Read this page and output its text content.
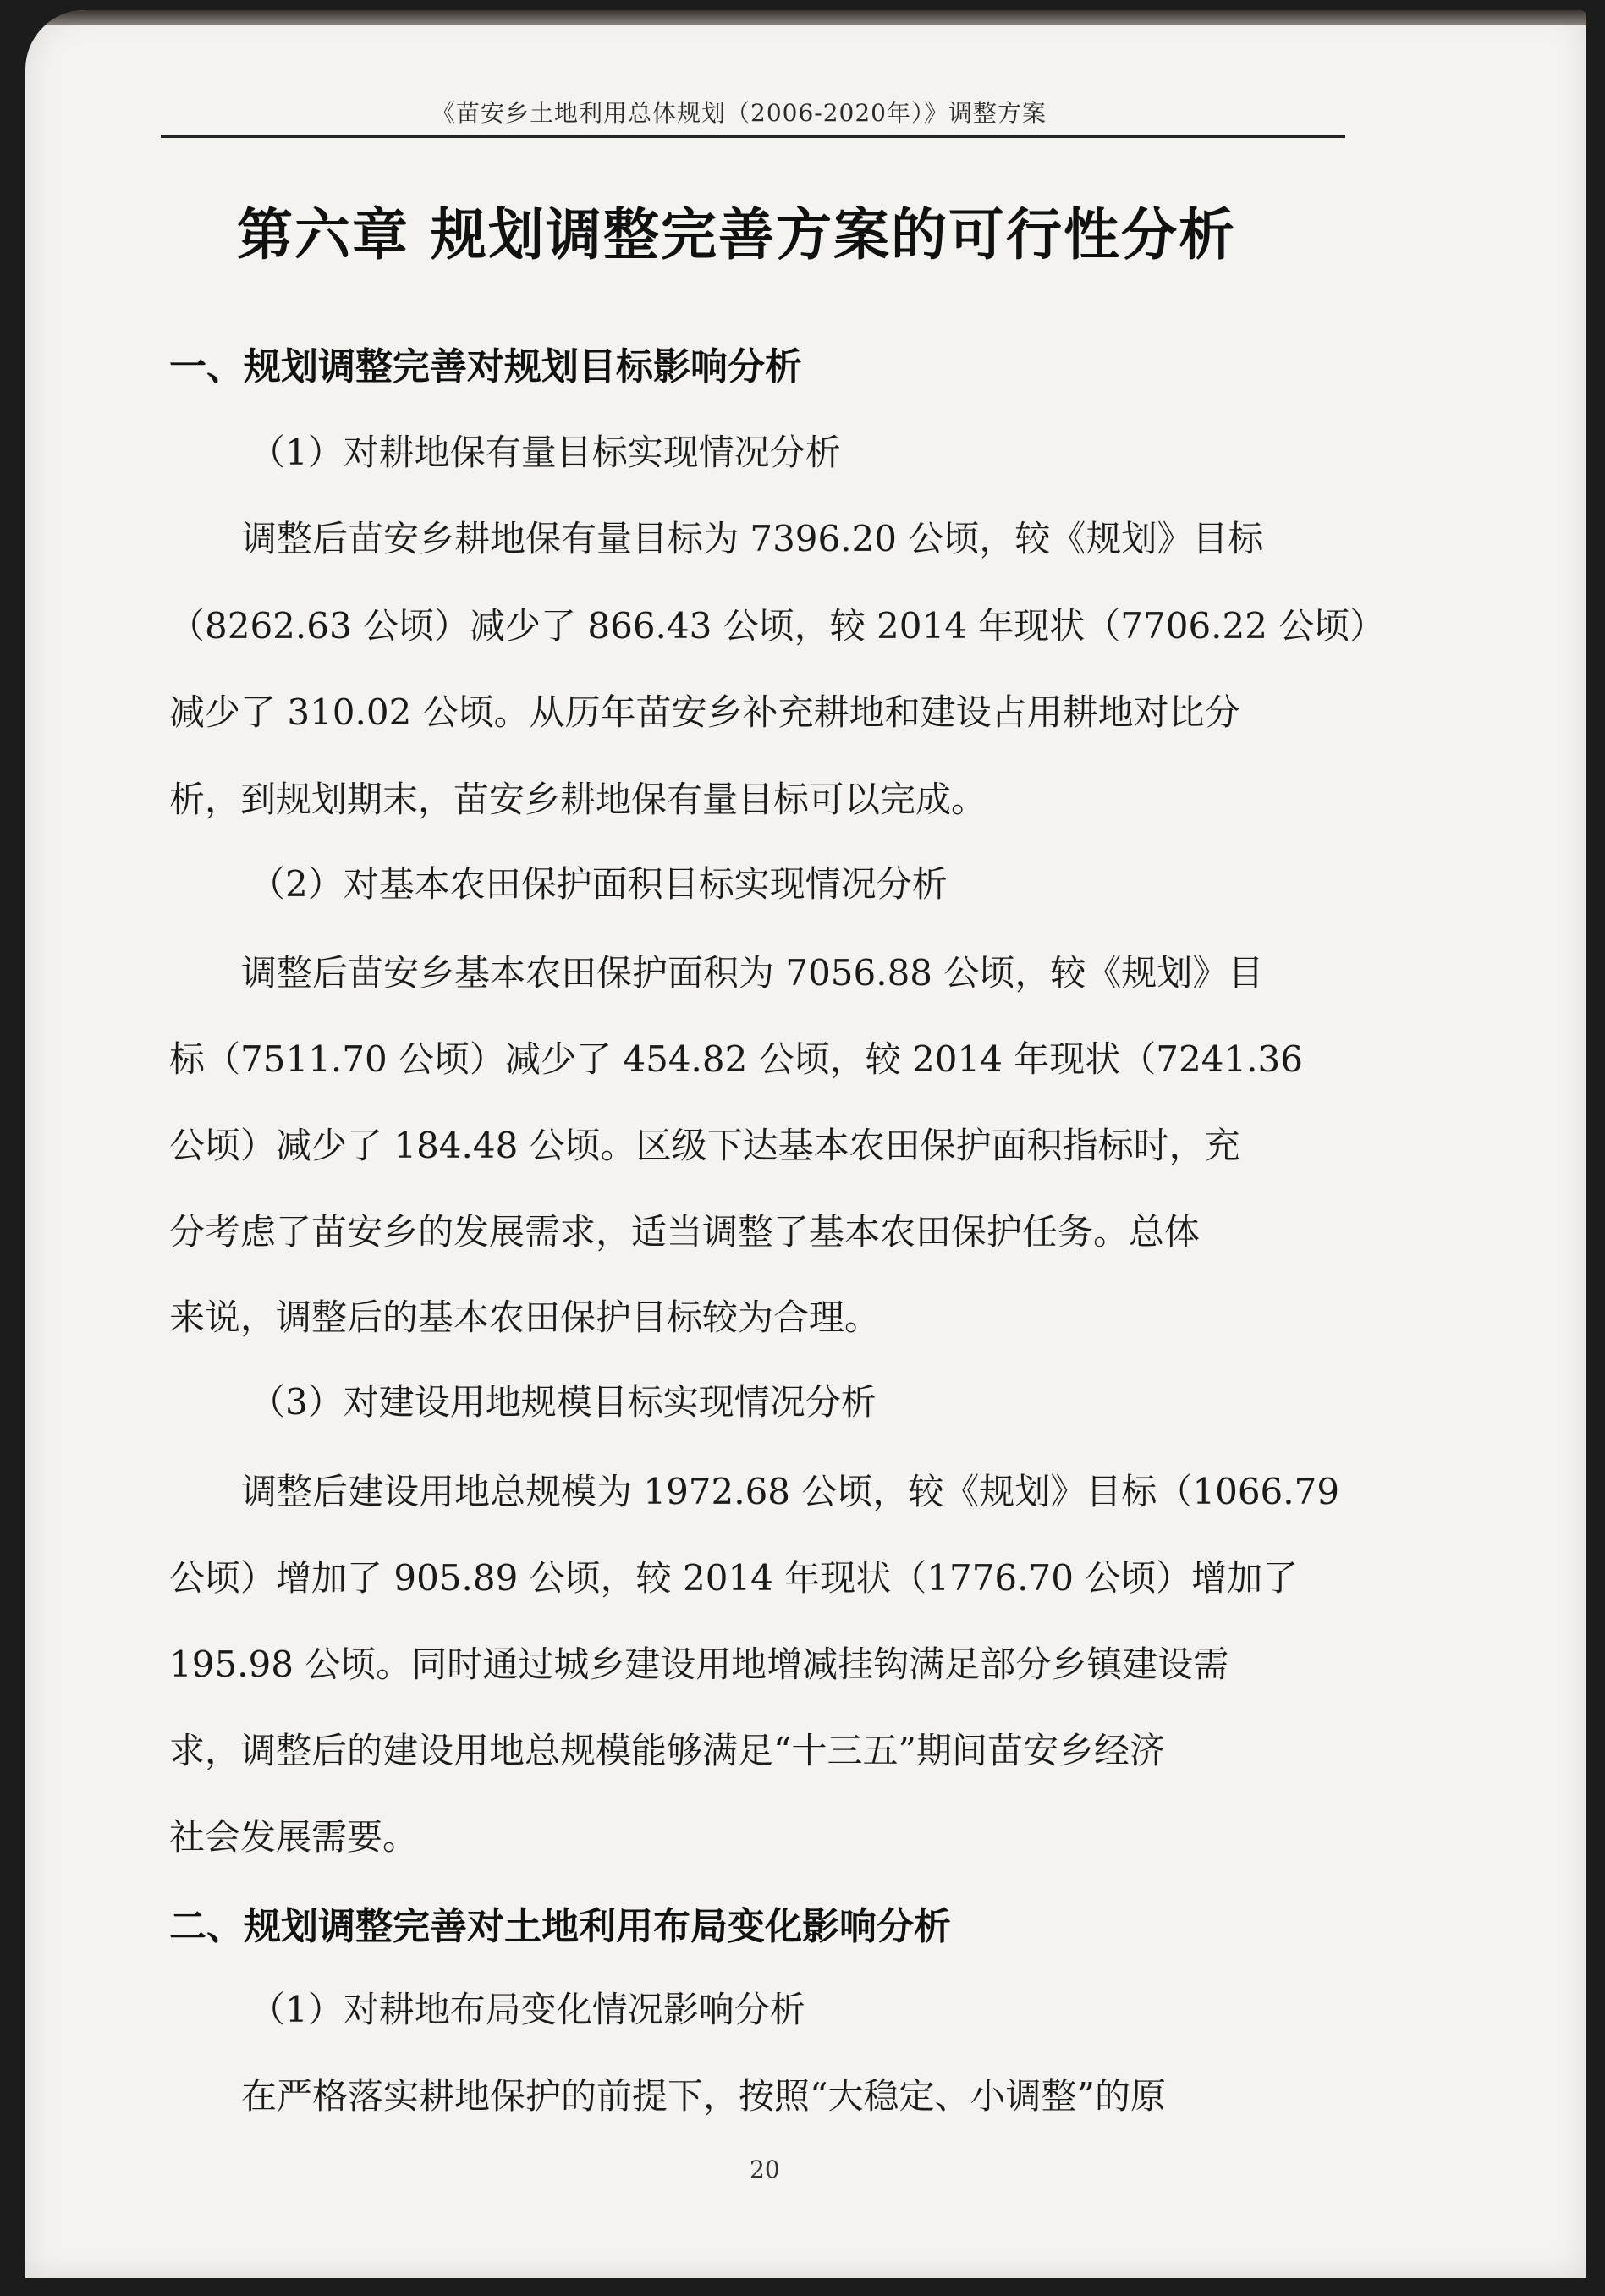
《苗安乡土地利用总体规划（2006-2020年）》调整方案
第六章 规划调整完善方案的可行性分析
一、规划调整完善对规划目标影响分析
（1）对耕地保有量目标实现情况分析
调整后苗安乡耕地保有量目标为 7396.20 公顷，较《规划》目标
（8262.63 公顷）减少了 866.43 公顷，较 2014 年现状（7706.22 公顷）
减少了 310.02 公顷。从历年苗安乡补充耕地和建设占用耕地对比分
析，到规划期末，苗安乡耕地保有量目标可以完成。
（2）对基本农田保护面积目标实现情况分析
调整后苗安乡基本农田保护面积为 7056.88 公顷，较《规划》目
标（7511.70 公顷）减少了 454.82 公顷，较 2014 年现状（7241.36
公顷）减少了 184.48 公顷。区级下达基本农田保护面积指标时，充
分考虑了苗安乡的发展需求，适当调整了基本农田保护任务。总体
来说，调整后的基本农田保护目标较为合理。
（3）对建设用地规模目标实现情况分析
调整后建设用地总规模为 1972.68 公顷，较《规划》目标（1066.79
公顷）增加了 905.89 公顷，较 2014 年现状（1776.70 公顷）增加了
195.98 公顷。同时通过城乡建设用地增减挂钩满足部分乡镇建设需
求，调整后的建设用地总规模能够满足“十三五”期间苗安乡经济
社会发展需要。
二、规划调整完善对土地利用布局变化影响分析
（1）对耕地布局变化情况影响分析
在严格落实耕地保护的前提下，按照“大稳定、小调整”的原
20
